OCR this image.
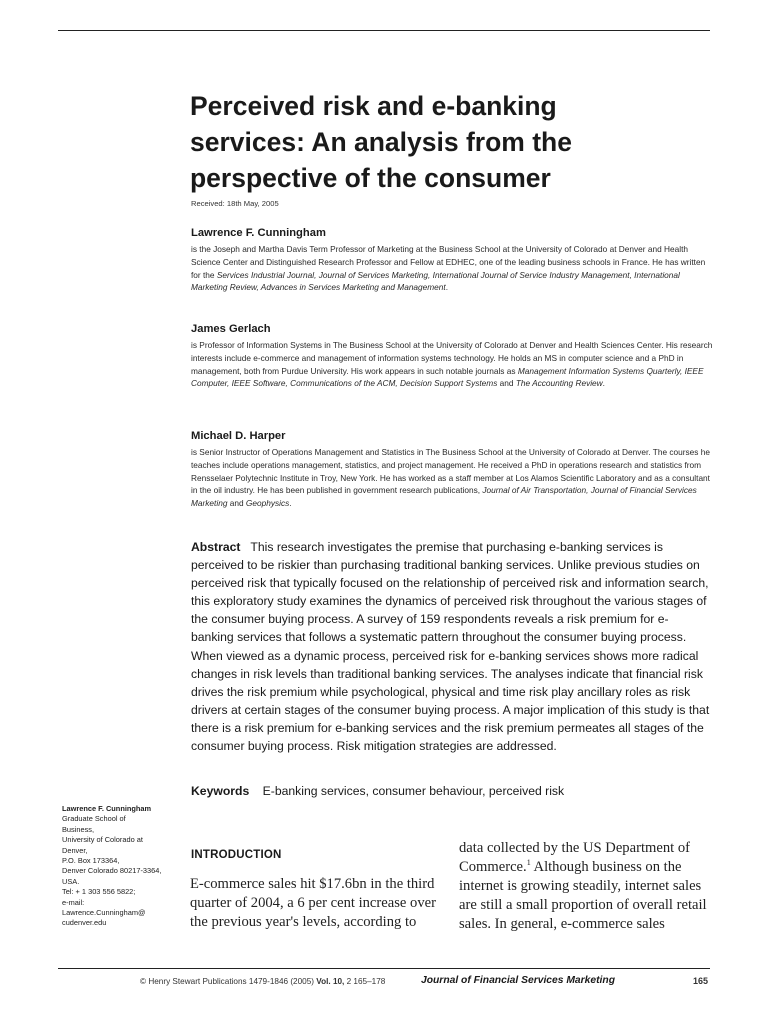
Perceived risk and e-banking services: An analysis from the perspective of the consumer
Received: 18th May, 2005

Lawrence F. Cunningham

is the Joseph and Martha Davis Term Professor of Marketing at the Business School at the University of Colorado at Denver and Health Science Center and Distinguished Research Professor and Fellow at EDHEC, one of the leading business schools in France. He has written for the Services Industrial Journal, Journal of Services Marketing, International Journal of Service Industry Management, International Marketing Review, Advances in Services Marketing and Management.

James Gerlach

is Professor of Information Systems in The Business School at the University of Colorado at Denver and Health Sciences Center. His research interests include e-commerce and management of information systems technology. He holds an MS in computer science and a PhD in management, both from Purdue University. His work appears in such notable journals as Management Information Systems Quarterly, IEEE Computer, IEEE Software, Communications of the ACM, Decision Support Systems and The Accounting Review.

Michael D. Harper

is Senior Instructor of Operations Management and Statistics in The Business School at the University of Colorado at Denver. The courses he teaches include operations management, statistics, and project management. He received a PhD in operations research and statistics from Rensselaer Polytechnic Institute in Troy, New York. He has worked as a staff member at Los Alamos Scientific Laboratory and as a consultant in the oil industry. He has been published in government research publications, Journal of Air Transportation, Journal of Financial Services Marketing and Geophysics.

Abstract This research investigates the premise that purchasing e-banking services is perceived to be riskier than purchasing traditional banking services. Unlike previous studies on perceived risk that typically focused on the relationship of perceived risk and information search, this exploratory study examines the dynamics of perceived risk throughout the various stages of the consumer buying process. A survey of 159 respondents reveals a risk premium for e-banking services that follows a systematic pattern throughout the consumer buying process. When viewed as a dynamic process, perceived risk for e-banking services shows more radical changes in risk levels than traditional banking services. The analyses indicate that financial risk drives the risk premium while psychological, physical and time risk play ancillary roles as risk drivers at certain stages of the consumer buying process. A major implication of this study is that there is a risk premium for e-banking services and the risk premium permeates all stages of the consumer buying process. Risk mitigation strategies are addressed.

Keywords E-banking services, consumer behaviour, perceived risk
Lawrence F. Cunningham
Graduate School of
Business,
University of Colorado at
Denver,
P.O. Box 173364,
Denver Colorado 80217-3364,
USA.
Tel: + 1 303 556 5822;
e-mail:
Lawrence.Cunningham@
cudenver.edu
INTRODUCTION
E-commerce sales hit $17.6bn in the third quarter of 2004, a 6 per cent increase over the previous year's levels, according to
data collected by the US Department of Commerce.$^1$ Although business on the internet is growing steadily, internet sales are still a small proportion of overall retail sales. In general, e-commerce sales
© Henry Stewart Publications 1479-1846 (2005) Vol. 10, 2 165–178	Journal of Financial Services Marketing	165
